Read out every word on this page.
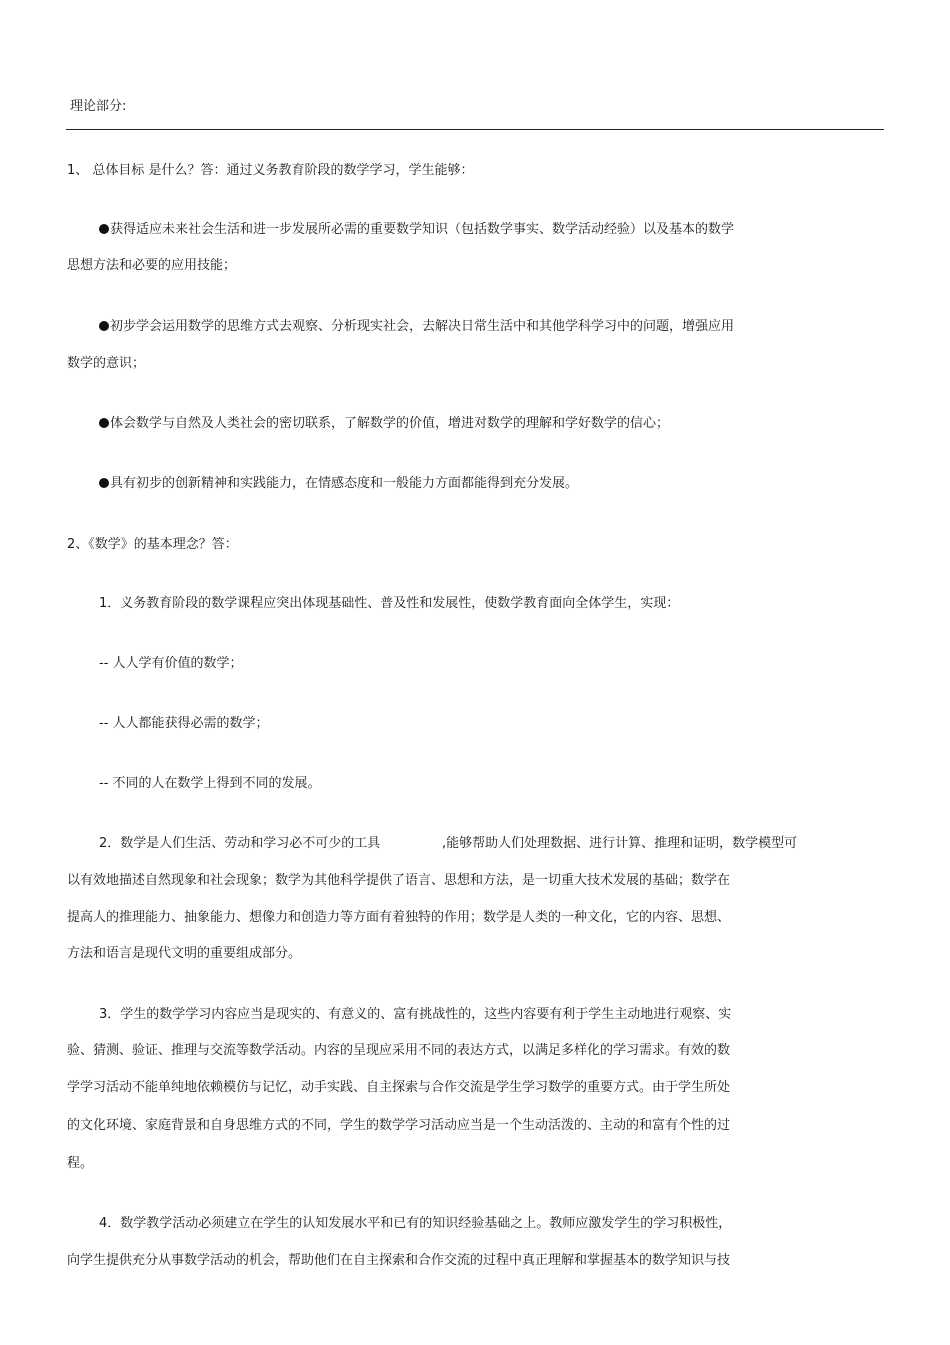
理论部分:
1、 总体目标 是什么？答：通过义务教育阶段的数学学习，学生能够：
获得适应未来社会生活和进一步发展所必需的重要数学知识（包括数学事实、数学活动经验）以及基本的数学
思想方法和必要的应用技能；
初步学会运用数学的思维方式去观察、分析现实社会，去解决日常生活中和其他学科学习中的问题，增强应用
数学的意识；
体会数学与自然及人类社会的密切联系，了解数学的价值，增进对数学的理解和学好数学的信心；
具有初步的创新精神和实践能力，在情感态度和一般能力方面都能得到充分发展。
2、《数学》的基本理念？答：
1．义务教育阶段的数学课程应突出体现基础性、普及性和发展性，使数学教育面向全体学生，实现：
-- 人人学有价值的数学；
-- 人人都能获得必需的数学；
-- 不同的人在数学上得到不同的发展。
2．数学是人们生活、劳动和学习必不可少的工具	,能够帮助人们处理数据、进行计算、推理和证明，数学模型可
以有效地描述自然现象和社会现象；数学为其他科学提供了语言、思想和方法，是一切重大技术发展的基础；数学在
提高人的推理能力、抽象能力、想像力和创造力等方面有着独特的作用；数学是人类的一种文化，它的内容、思想、
方法和语言是现代文明的重要组成部分。
3．学生的数学学习内容应当是现实的、有意义的、富有挑战性的，这些内容要有利于学生主动地进行观察、实
验、猜测、验证、推理与交流等数学活动。内容的呈现应采用不同的表达方式，以满足多样化的学习需求。有效的数
学学习活动不能单纯地依赖模仿与记忆，动手实践、自主探索与合作交流是学生学习数学的重要方式。由于学生所处
的文化环境、家庭背景和自身思维方式的不同，学生的数学学习活动应当是一个生动活泼的、主动的和富有个性的过
程。
4．数学教学活动必须建立在学生的认知发展水平和已有的知识经验基础之上。教师应激发学生的学习积极性，
向学生提供充分从事数学活动的机会，帮助他们在自主探索和合作交流的过程中真正理解和掌握基本的数学知识与技
